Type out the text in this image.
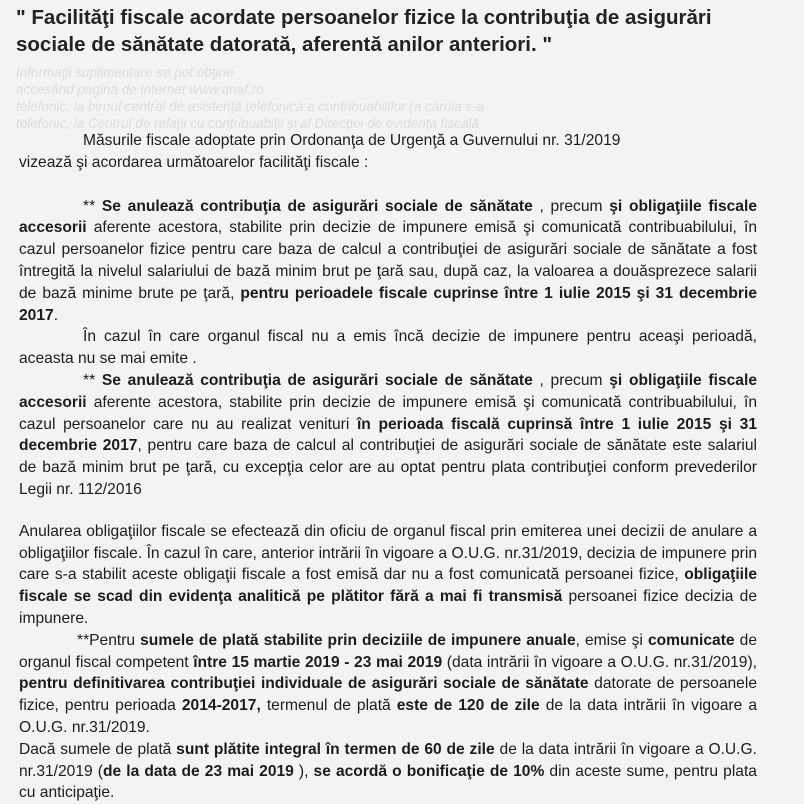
" Facilităţi fiscale acordate persoanelor fizice la contribuţia de asigurări sociale de sănătate datorată, aferentă anilor anteriori. "
Informaţii suplimentare se pot obţine
accesând pagina de internet www.anaf.ro
telefonic, la biroul central de asistenţă telefonică a contribuabililor (a căruia s-a
telefonic, la Centrul de relaţii cu contribuabilii şi al Direcţiei de evidenţa fiscală

Măsurile fiscale adoptate prin Ordonanţa de Urgenţă a Guvernului nr. 31/2019
vizează şi acordarea următoarelor facilităţi fiscale :

** Se anulează contribuţia de asigurări sociale de sănătate , precum şi obligaţiile fiscale accesorii aferente acestora, stabilite prin decizie de impunere emisă şi comunicată contribuabilului, în cazul persoanelor fizice pentru care baza de calcul a contribuţiei de asigurări sociale de sănătate a fost întregită la nivelul salariului de bază minim brut pe ţară sau, după caz, la valoarea a douăsprezece salarii de bază minime brute pe ţară, pentru perioadele fiscale cuprinse între 1 iulie 2015 şi 31 decembrie 2017.
În cazul în care organul fiscal nu a emis încă decizie de impunere pentru aceaşi perioadă, aceasta nu se mai emite .

** Se anulează contribuţia de asigurări sociale de sănătate , precum şi obligaţiile fiscale accesorii aferente acestora, stabilite prin decizie de impunere emisă şi comunicată contribuabilului, în cazul persoanelor care nu au realizat venituri în perioada fiscală cuprinsă între 1 iulie 2015 şi 31 decembrie 2017, pentru care baza de calcul al contribuţiei de asigurări sociale de sănătate este salariul de bază minim brut pe ţară, cu excepţia celor are au optat pentru plata contribuţiei conform prevederilor Legii nr. 112/2016

Anularea obligaţiilor fiscale se efectează din oficiu de organul fiscal prin emiterea unei decizii de anulare a obligaţiilor fiscale. În cazul în care, anterior intrării în vigoare a O.U.G. nr.31/2019, decizia de impunere prin care s-a stabilit aceste obligaţii fiscale a fost emisă dar nu a fost comunicată persoanei fizice, obligaţiile fiscale se scad din evidenţa analitică pe plătitor fără a mai fi transmisă persoanei fizice decizia de impunere.

**Pentru sumele de plată stabilite prin deciziile de impunere anuale, emise şi comunicate de organul fiscal competent între 15 martie 2019 - 23 mai 2019 (data intrării în vigoare a O.U.G. nr.31/2019), pentru definitivarea contribuţiei individuale de asigurări sociale de sănătate datorate de persoanele fizice, pentru perioada 2014-2017, termenul de plată este de 120 de zile de la data intrării în vigoare a O.U.G. nr.31/2019.

Dacă sumele de plată sunt plătite integral în termen de 60 de zile de la data intrării în vigoare a O.U.G. nr.31/2019 (de la data de 23 mai 2019 ), se acordă o bonificaţie de 10% din aceste sume, pentru plata cu anticipaţie.
